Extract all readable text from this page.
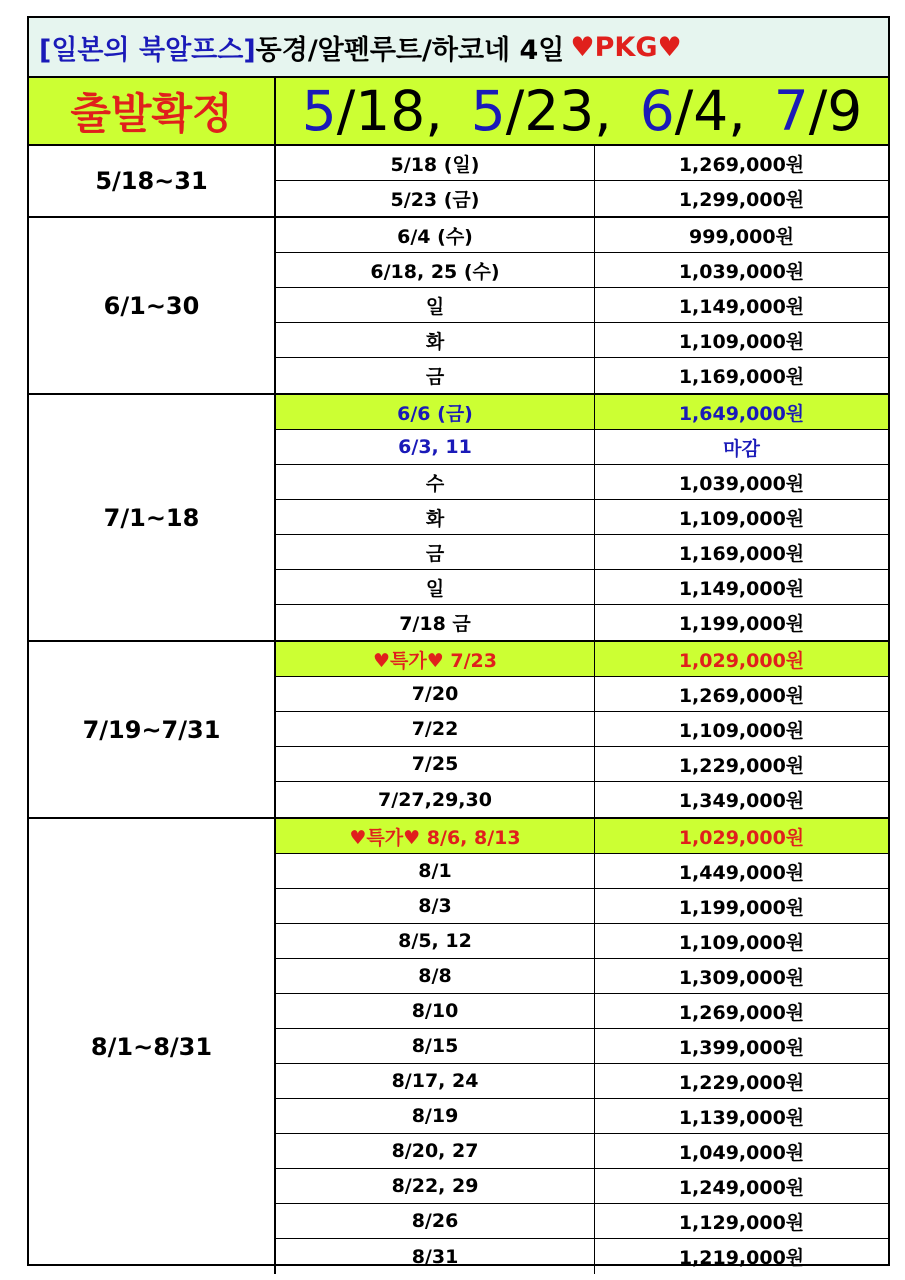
[일본의 북알프스] 동경/알펜루트/하코네 4일 ♥ PKG ♥
출발확정	5 /18, 5 /23, 6 /4, 7 /9
5/18~31
5/18 (일)	1,269,000원
5/23 (금)	1,299,000원
6/1~30
6/4 (수)	999,000원
6/18, 25 (수)	1,039,000원
일	1,149,000원
화	1,109,000원
금	1,169,000원
7/1~18
6/6 (금)	1,649,000원
6/3, 11	마감
수	1,039,000원
화	1,109,000원
금	1,169,000원
일	1,149,000원
7/18 금	1,199,000원
7/19~7/31
♥특가♥ 7/23	1,029,000원
7/20	1,269,000원
7/22	1,109,000원
7/25	1,229,000원
7/27,29,30	1,349,000원
8/1~8/31
♥특가♥ 8/6, 8/13	1,029,000원
8/1	1,449,000원
8/3	1,199,000원
8/5, 12	1,109,000원
8/8	1,309,000원
8/10	1,269,000원
8/15	1,399,000원
8/17, 24	1,229,000원
8/19	1,139,000원
8/20, 27	1,049,000원
8/22, 29	1,249,000원
8/26	1,129,000원
8/31	1,219,000원
